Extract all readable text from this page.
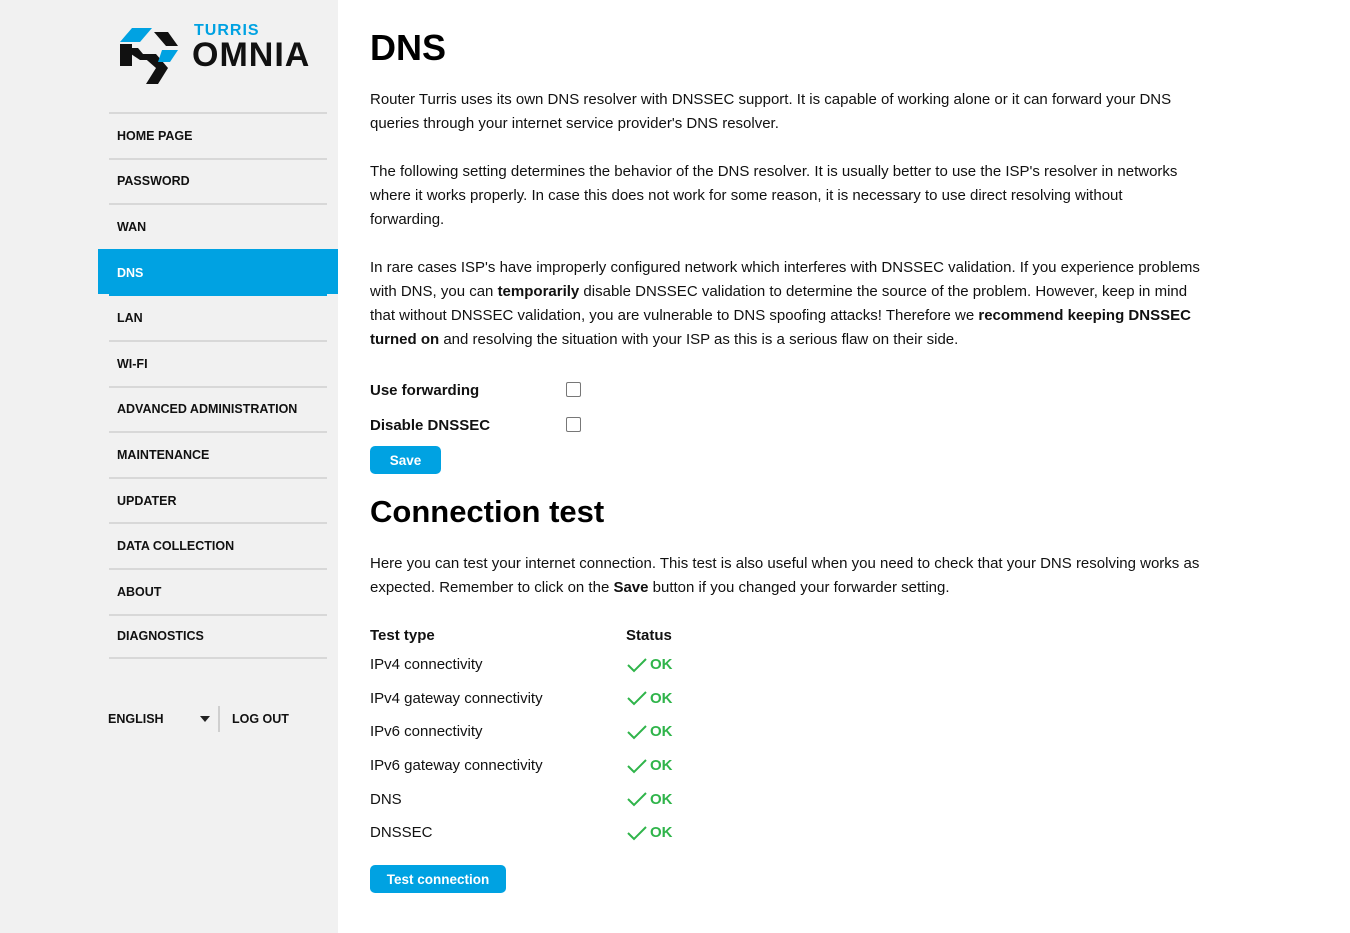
TURRIS
OMNIA
HOME PAGE
PASSWORD
WAN
DNS
LAN
WI-FI
ADVANCED ADMINISTRATION
MAINTENANCE
UPDATER
DATA COLLECTION
ABOUT
DIAGNOSTICS
ENGLISH	LOG OUT
DNS

Router Turris uses its own DNS resolver with DNSSEC support. It is capable of working alone or it can forward your DNS queries through your internet service provider's DNS resolver.

The following setting determines the behavior of the DNS resolver. It is usually better to use the ISP's resolver in networks where it works properly. In case this does not work for some reason, it is necessary to use direct resolving without forwarding.

In rare cases ISP's have improperly configured network which interferes with DNSSEC validation. If you experience problems with DNS, you can temporarily disable DNSSEC validation to determine the source of the problem. However, keep in mind that without DNSSEC validation, you are vulnerable to DNS spoofing attacks! Therefore we recommend keeping DNSSEC turned on and resolving the situation with your ISP as this is a serious flaw on their side.

Use forwarding
Disable DNSSEC
Save
Connection test

Here you can test your internet connection. This test is also useful when you need to check that your DNS resolving works as expected. Remember to click on the Save button if you changed your forwarder setting.

Test type	Status
IPv4 connectivity	OK

IPv4 gateway connectivity	OK

IPv6 connectivity	OK

IPv6 gateway connectivity	OK

DNS	OK

DNSSEC	OK
Test connection
